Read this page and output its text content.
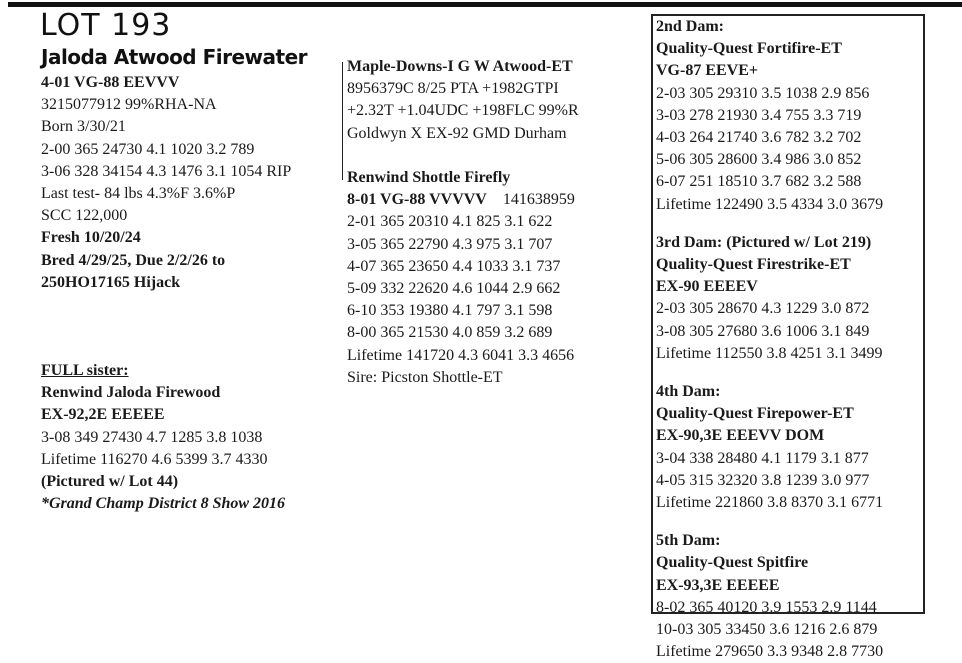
LOT 193
Jaloda Atwood Firewater
4-01 VG-88 EEVVV
3215077912 99%RHA-NA
Born 3/30/21
2-00 365 24730 4.1 1020 3.2 789
3-06 328 34154 4.3 1476 3.1 1054 RIP
Last test- 84 lbs 4.3%F 3.6%P
SCC 122,000
Fresh 10/20/24
Bred 4/29/25, Due 2/2/26 to
250HO17165 Hijack
FULL sister:
Renwind Jaloda Firewood
EX-92,2E EEEEE
3-08 349 27430 4.7 1285 3.8 1038
Lifetime 116270 4.6 5399 3.7 4330
(Pictured w/ Lot 44)
*Grand Champ District 8 Show 2016
Maple-Downs-I G W Atwood-ET
8956379C 8/25 PTA +1982GTPI
+2.32T +1.04UDC +198FLC 99%R
Goldwyn X EX-92 GMD Durham
Renwind Shottle Firefly
8-01 VG-88 VVVVV 141638959
2-01 365 20310 4.1 825 3.1 622
3-05 365 22790 4.3 975 3.1 707
4-07 365 23650 4.4 1033 3.1 737
5-09 332 22620 4.6 1044 2.9 662
6-10 353 19380 4.1 797 3.1 598
8-00 365 21530 4.0 859 3.2 689
Lifetime 141720 4.3 6041 3.3 4656
Sire: Picston Shottle-ET
2nd Dam:
Quality-Quest Fortifire-ET
VG-87 EEVE+
2-03 305 29310 3.5 1038 2.9 856
3-03 278 21930 3.4 755 3.3 719
4-03 264 21740 3.6 782 3.2 702
5-06 305 28600 3.4 986 3.0 852
6-07 251 18510 3.7 682 3.2 588
Lifetime 122490 3.5 4334 3.0 3679
3rd Dam: (Pictured w/ Lot 219)
Quality-Quest Firestrike-ET
EX-90 EEEEV
2-03 305 28670 4.3 1229 3.0 872
3-08 305 27680 3.6 1006 3.1 849
Lifetime 112550 3.8 4251 3.1 3499
4th Dam:
Quality-Quest Firepower-ET
EX-90,3E EEEVV DOM
3-04 338 28480 4.1 1179 3.1 877
4-05 315 32320 3.8 1239 3.0 977
Lifetime 221860 3.8 8370 3.1 6771
5th Dam:
Quality-Quest Spitfire
EX-93,3E EEEEE
8-02 365 40120 3.9 1553 2.9 1144
10-03 305 33450 3.6 1216 2.6 879
Lifetime 279650 3.3 9348 2.8 7730
